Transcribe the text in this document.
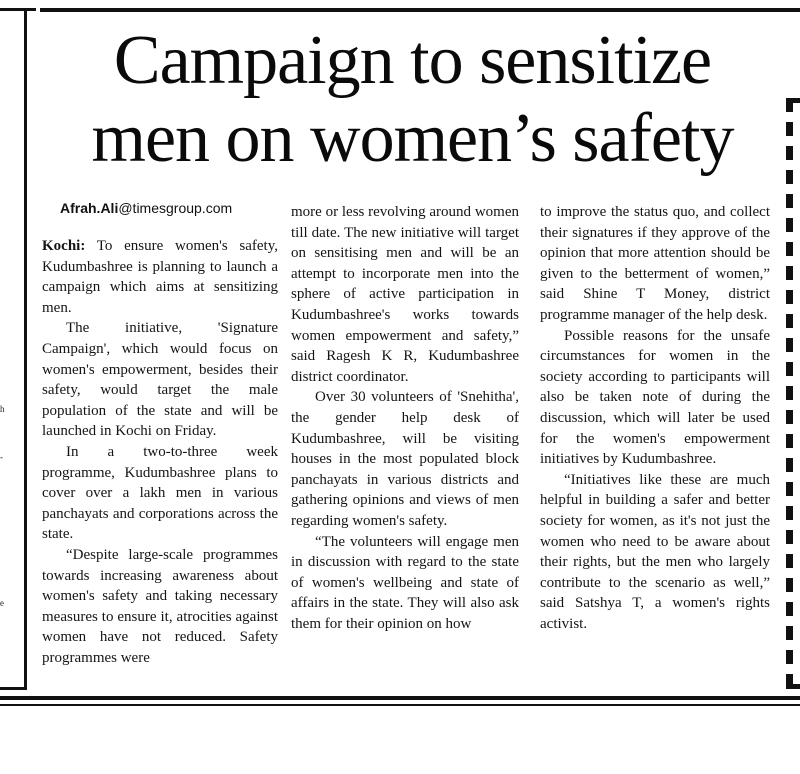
h
-
e
Campaign to sensitize
men on women’s safety
Afrah.Ali@timesgroup.com

Kochi: To ensure women's safety, Kudumbashree is planning to launch a campaign which aims at sensitizing men.

The initiative, 'Signature Campaign', which would focus on women's empowerment, besides their safety, would target the male population of the state and will be launched in Kochi on Friday.

In a two-to-three week programme, Kudumbashree plans to cover over a lakh men in various panchayats and corporations across the state.

“Despite large-scale programmes towards increasing awareness about women's safety and taking necessary measures to ensure it, atrocities against women have not reduced. Safety programmes were

more or less revolving around women till date. The new initiative will target on sensitising men and will be an attempt to incorporate men into the sphere of active participation in Kudumbashree's works towards women empowerment and safety,” said Ragesh K R, Kudumbashree district coordinator.

Over 30 volunteers of 'Snehitha', the gender help desk of Kudumbashree, will be visiting houses in the most populated block panchayats in various districts and gathering opinions and views of men regarding women's safety.

“The volunteers will engage men in discussion with regard to the state of women's wellbeing and state of affairs in the state. They will also ask them for their opinion on how

to improve the status quo, and collect their signatures if they approve of the opinion that more attention should be given to the betterment of women,” said Shine T Money, district programme manager of the help desk.

Possible reasons for the unsafe circumstances for women in the society according to participants will also be taken note of during the discussion, which will later be used for the women's empowerment initiatives by Kudumbashree.

“Initiatives like these are much helpful in building a safer and better society for women, as it's not just the women who need to be aware about their rights, but the men who largely contribute to the scenario as well,” said Satshya T, a women's rights activist.
